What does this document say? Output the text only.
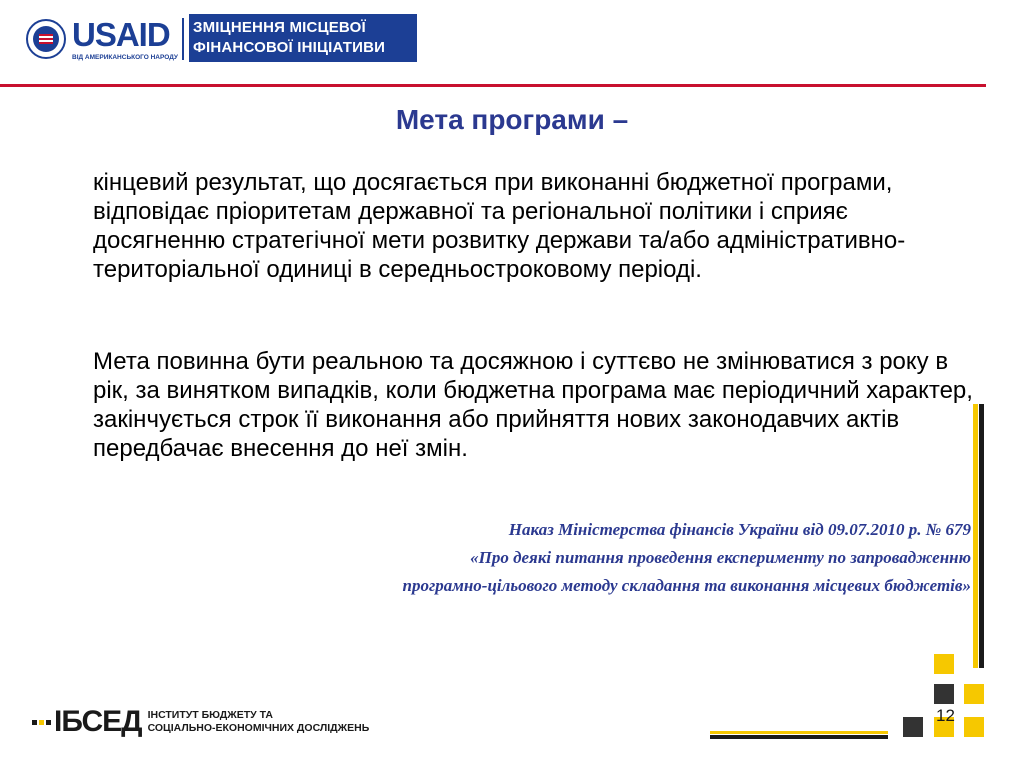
USAID
ВІД АМЕРИКАНСЬКОГО НАРОДУ
ЗМІЦНЕННЯ МІСЦЕВОЇ
ФІНАНСОВОЇ ІНІЦІАТИВИ
Мета програми –

кінцевий результат, що досягається при виконанні бюджетної програми, відповідає пріоритетам державної та регіональної політики і сприяє досягненню стратегічної мети розвитку держави та/або адміністративно-територіальної одиниці в середньостроковому періоді.

Мета повинна бути реальною та досяжною і суттєво не змінюватися з року в рік, за винятком випадків, коли бюджетна програма має періодичний характер, закінчується строк її виконання або прийняття нових законодавчих актів передбачає внесення до неї змін.

Наказ Міністерства фінансів України від 09.07.2010 р. № 679
«Про деякі питання проведення експерименту по запровадженню
програмно-цільового методу складання та виконання місцевих бюджетів»
12
ІБСЕД ІНСТИТУТ БЮДЖЕТУ ТА
СОЦІАЛЬНО-ЕКОНОМІЧНИХ ДОСЛІДЖЕНЬ
